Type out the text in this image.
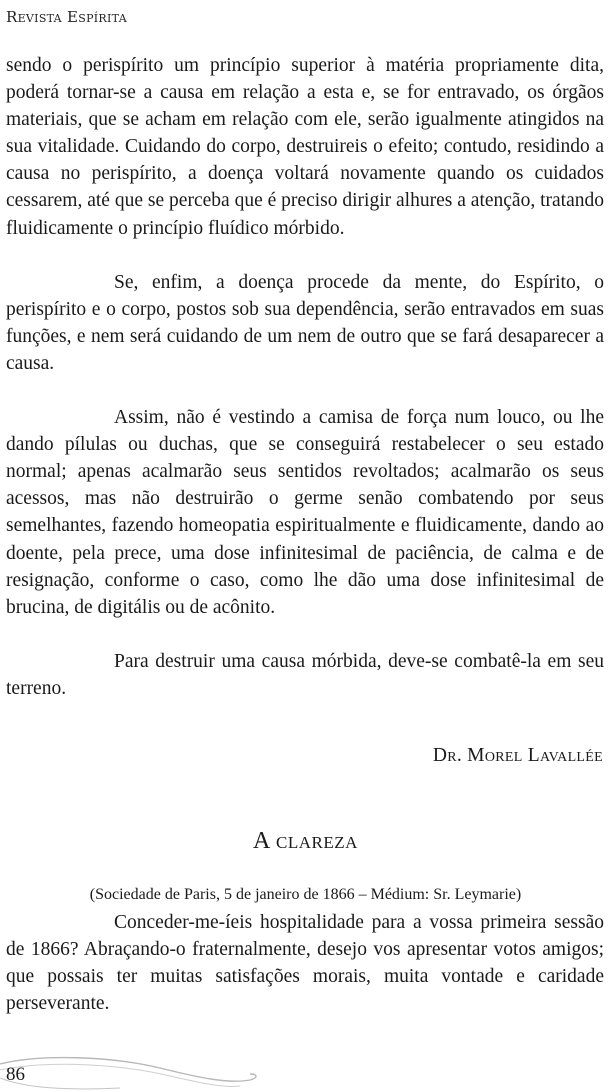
Revista Espírita

sendo o perispírito um princípio superior à matéria propriamente dita, poderá tornar-se a causa em relação a esta e, se for entravado, os órgãos materiais, que se acham em relação com ele, serão igualmente atingidos na sua vitalidade. Cuidando do corpo, destruireis o efeito; contudo, residindo a causa no perispírito, a doença voltará novamente quando os cuidados cessarem, até que se perceba que é preciso dirigir alhures a atenção, tratando fluidicamente o princípio fluídico mórbido.

Se, enfim, a doença procede da mente, do Espírito, o perispírito e o corpo, postos sob sua dependência, serão entravados em suas funções, e nem será cuidando de um nem de outro que se fará desaparecer a causa.

Assim, não é vestindo a camisa de força num louco, ou lhe dando pílulas ou duchas, que se conseguirá restabelecer o seu estado normal; apenas acalmarão seus sentidos revoltados; acalmarão os seus acessos, mas não destruirão o germe senão combatendo por seus semelhantes, fazendo homeopatia espiritualmente e fluidicamente, dando ao doente, pela prece, uma dose infinitesimal de paciência, de calma e de resignação, conforme o caso, como lhe dão uma dose infinitesimal de brucina, de digitális ou de acônito.

Para destruir uma causa mórbida, deve-se combatê-la em seu terreno.

Dr. Morel Lavallée
A clareza
(Sociedade de Paris, 5 de janeiro de 1866 – Médium: Sr. Leymarie)

Conceder-me-íeis hospitalidade para a vossa primeira sessão de 1866? Abraçando-o fraternalmente, desejo vos apresentar votos amigos; que possais ter muitas satisfações morais, muita vontade e caridade perseverante.

86
